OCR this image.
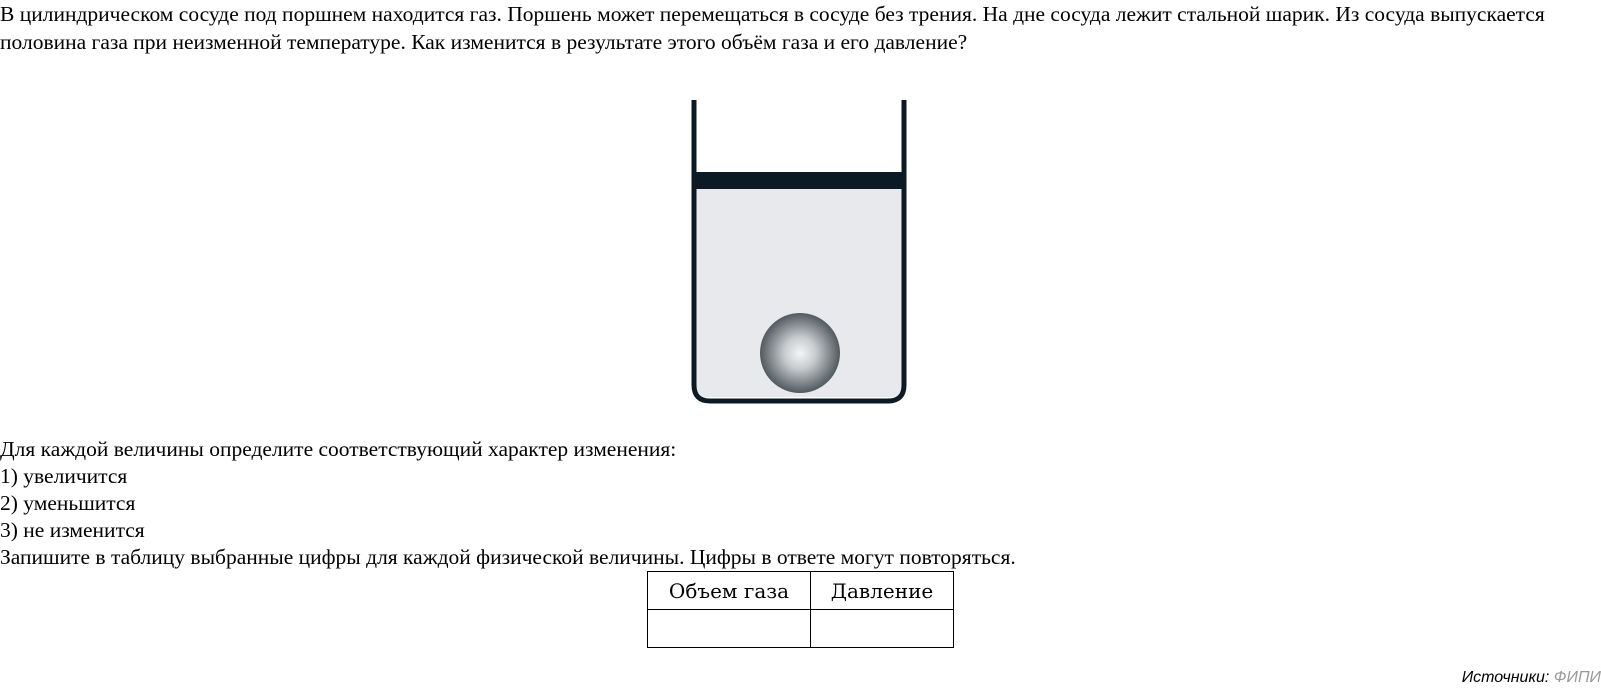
В цилиндрическом сосуде под поршнем находится газ. Поршень может перемещаться в сосуде без трения. На дне сосуда лежит стальной шарик. Из сосуда выпускается половина газа при неизменной температуре. Как изменится в результате этого объём газа и его давление?

Для каждой величины определите соответствующий характер изменения:
1) увеличится
2) уменьшится
3) не изменится
Запишите в таблицу выбранные цифры для каждой физической величины. Цифры в ответе могут повторяться.
Объем газа	Давление

Источники: ФИПИ
